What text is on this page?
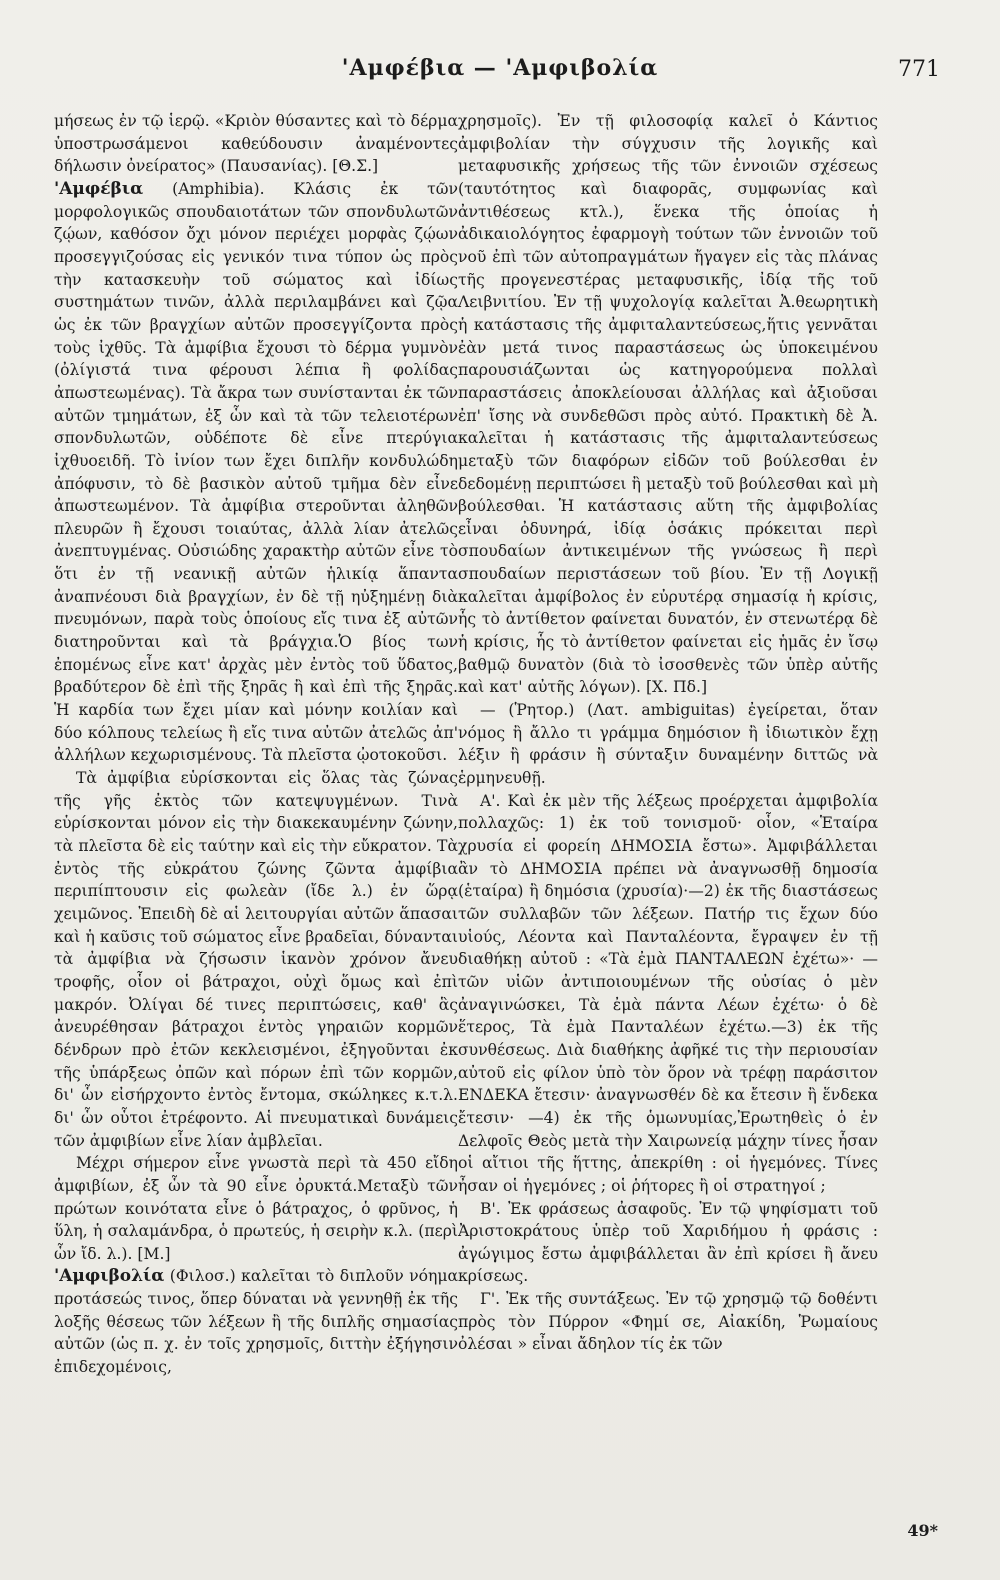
'Αμφέβια — 'Αμφιβολία	771

μήσεως ἐν τῷ ἱερῷ. «Κριὸν θύσαντες καὶ τὸ δέρμα ὑποστρωσάμενοι καθεύδουσιν ἀναμένοντες δήλωσιν ὀνείρατος» (Παυσανίας). [Θ.Σ.]

'Αμφέβια (Amphibia). Κλάσις ἐκ τῶν μορφολογικῶς σπουδαιοτάτων τῶν σπονδυλωτῶν ζῴων, καθόσον ὄχι μόνον περιέχει μορφὰς ζῴων προσεγγιζούσας εἰς γενικόν τινα τύπον ὡς πρὸς τὴν κατασκευὴν τοῦ σώματος καὶ ἰδίως συστημάτων τινῶν, ἀλλὰ περιλαμβάνει καὶ ζῷα ὡς ἐκ τῶν βραγχίων αὐτῶν προσεγγίζοντα πρὸς τοὺς ἰχθῦς. Τὰ ἀμφίβια ἔχουσι τὸ δέρμα γυμνὸν (ὀλίγιστά τινα φέρουσι λέπια ἢ φολίδας ἀπωστεωμένας). Τὰ ἄκρα των συνίστανται ἐκ τῶν αὐτῶν τμημάτων, ἐξ ὧν καὶ τὰ τῶν τελειοτέρων σπονδυλωτῶν, οὐδέποτε δὲ εἶνε πτερύγια ἰχθυοειδῆ. Τὸ ἰνίον των ἔχει διπλῆν κονδυλώδη ἀπόφυσιν, τὸ δὲ βασικὸν αὐτοῦ τμῆμα δὲν εἶνε ἀπωστεωμένον. Τὰ ἀμφίβια στεροῦνται ἀληθῶν πλευρῶν ἢ ἔχουσι τοιαύτας, ἀλλὰ λίαν ἀτελῶς ἀνεπτυγμένας. Οὐσιώδης χαρακτὴρ αὐτῶν εἶνε τὸ ὅτι ἐν τῇ νεανικῇ αὐτῶν ἡλικίᾳ ἅπαντα ἀναπνέουσι διὰ βραγχίων, ἐν δὲ τῇ ηὐξημένῃ διὰ πνευμόνων, παρὰ τοὺς ὁποίους εἴς τινα ἐξ αὐτῶν διατηροῦνται καὶ τὰ βράγχια.Ὁ βίος των ἐπομένως εἶνε κατ' ἀρχὰς μὲν ἐντὸς τοῦ ὕδατος, βραδύτερον δὲ ἐπὶ τῆς ξηρᾶς ἢ καὶ ἐπὶ τῆς ξηρᾶς. Ἡ καρδία των ἔχει μίαν καὶ μόνην κοιλίαν καὶ δύο κόλπους τελείως ἢ εἴς τινα αὐτῶν ἀτελῶς ἀπ' ἀλλήλων κεχωρισμένους. Τὰ πλεῖστα ᾠοτοκοῦσι.

Τὰ ἀμφίβια εὑρίσκονται εἰς ὅλας τὰς ζώνας τῆς γῆς ἐκτὸς τῶν κατεψυγμένων. Τινὰ εὑρίσκονται μόνον εἰς τὴν διακεκαυμένην ζώνην, τὰ πλεῖστα δὲ εἰς ταύτην καὶ εἰς τὴν εὔκρατον. Τὰ ἐντὸς τῆς εὐκράτου ζώνης ζῶντα ἀμφίβια περιπίπτουσιν εἰς φωλεὰν (ἴδε λ.) ἐν ὥρᾳ χειμῶνος. Ἐπειδὴ δὲ αἱ λειτουργίαι αὐτῶν ἅπασαι καὶ ἡ καῦσις τοῦ σώματος εἶνε βραδεῖαι, δύνανται τὰ ἀμφίβια νὰ ζήσωσιν ἱκανὸν χρόνον ἄνευ τροφῆς, οἷον οἱ βάτραχοι, οὐχὶ ὅμως καὶ ἐπὶ μακρόν. Ὀλίγαι δέ τινες περιπτώσεις, καθ' ἃς ἀνευρέθησαν βάτραχοι ἐντὸς γηραιῶν κορμῶν δένδρων πρὸ ἐτῶν κεκλεισμένοι, ἐξηγοῦνται ἐκ τῆς ὑπάρξεως ὀπῶν καὶ πόρων ἐπὶ τῶν κορμῶν, δι' ὧν εἰσήρχοντο ἐντὸς ἔντομα, σκώληκες κ.τ.λ. δι' ὧν οὗτοι ἐτρέφοντο. Αἱ πνευματικαὶ δυνάμεις τῶν ἀμφιβίων εἶνε λίαν ἀμβλεῖαι.

Μέχρι σήμερον εἶνε γνωστὰ περὶ τὰ 450 εἴδη ἀμφιβίων, ἐξ ὧν τὰ 90 εἶνε ὀρυκτά.Μεταξὺ τῶν πρώτων κοινότατα εἶνε ὁ βάτραχος, ὁ φρῦνος, ἡ ὕλη, ἡ σαλαμάνδρα, ὁ πρωτεύς, ἡ σειρὴν κ.λ. (περὶ ὧν ἴδ. λ.). [Μ.]

'Αμφιβολία (Φιλοσ.) καλεῖται τὸ διπλοῦν νόημα προτάσεώς τινος, ὅπερ δύναται νὰ γεννηθῇ ἐκ τῆς λοξῆς θέσεως τῶν λέξεων ἢ τῆς διπλῆς σημασίας αὐτῶν (ὡς π. χ. ἐν τοῖς χρησμοῖς, διττὴν ἐξήγησιν ἐπιδεχομένοις,

χρησμοῖς). Ἐν τῇ φιλοσοφίᾳ καλεῖ ὁ Κάντιος ἀμφιβολίαν τὴν σύγχυσιν τῆς λογικῆς καὶ μεταφυσικῆς χρήσεως τῆς τῶν ἐννοιῶν σχέσεως (ταυτότητος καὶ διαφορᾶς, συμφωνίας καὶ ἀντιθέσεως κτλ.), ἕνεκα τῆς ὁποίας ἡ ἀδικαιολόγητος ἐφαρμογὴ τούτων τῶν ἐννοιῶν τοῦ νοῦ ἐπὶ τῶν αὐτοπραγμάτων ἤγαγεν εἰς τὰς πλάνας τῆς προγενεστέρας μεταφυσικῆς, ἰδίᾳ τῆς τοῦ Λειβνιτίου. Ἐν τῇ ψυχολογίᾳ καλεῖται Ἀ.θεωρητικὴ ἡ κατάστασις τῆς ἀμφιταλαντεύσεως,ἥτις γεννᾶται ἐὰν μετά τινος παραστάσεως ὡς ὑποκειμένου παρουσιάζωνται ὡς κατηγορούμενα πολλαὶ παραστάσεις ἀποκλείουσαι ἀλλήλας καὶ ἀξιοῦσαι ἐπ' ἴσης νὰ συνδεθῶσι πρὸς αὐτό. Πρακτικὴ δὲ Ἀ. καλεῖται ἡ κατάστασις τῆς ἀμφιταλαντεύσεως μεταξὺ τῶν διαφόρων εἰδῶν τοῦ βούλεσθαι ἐν δεδομένῃ περιπτώσει ἢ μεταξὺ τοῦ βούλεσθαι καὶ μὴ βούλεσθαι. Ἡ κατάστασις αὕτη τῆς ἀμφιβολίας εἶναι ὀδυνηρά, ἰδίᾳ ὁσάκις πρόκειται περὶ σπουδαίων ἀντικειμένων τῆς γνώσεως ἢ περὶ σπουδαίων περιστάσεων τοῦ βίου. Ἐν τῇ Λογικῇ καλεῖται ἀμφίβολος ἐν εὐρυτέρᾳ σημασίᾳ ἡ κρίσις, ἧς τὸ ἀντίθετον φαίνεται δυνατόν, ἐν στενωτέρᾳ δὲ ἡ κρίσις, ἧς τὸ ἀντίθετον φαίνεται εἰς ἡμᾶς ἐν ἴσῳ βαθμῷ δυνατὸν (διὰ τὸ ἰσοσθενὲς τῶν ὑπὲρ αὐτῆς καὶ κατ' αὐτῆς λόγων). [Χ. Πδ.]

— (Ῥητορ.) (Λατ. ambiguitas) ἐγείρεται, ὅταν νόμος ἢ ἄλλο τι γράμμα δημόσιον ἢ ἰδιωτικὸν ἔχῃ λέξιν ἢ φράσιν ἢ σύνταξιν δυναμένην διττῶς νὰ ἑρμηνευθῇ.

Α'. Καὶ ἐκ μὲν τῆς λέξεως προέρχεται ἀμφιβολία πολλαχῶς: 1) ἐκ τοῦ τονισμοῦ· οἷον, «Ἑταίρα χρυσία εἰ φορείη ΔΗΜΟΣΙΑ ἔστω». Ἀμφιβάλλεται ἂν τὸ ΔΗΜΟΣΙΑ πρέπει νὰ ἀναγνωσθῇ δημοσία (ἑταίρα) ἢ δημόσια (χρυσία)·—2) ἐκ τῆς διαστάσεως τῶν συλλαβῶν τῶν λέξεων. Πατήρ τις ἔχων δύο υἱούς, Λέοντα καὶ Πανταλέοντα, ἔγραψεν ἐν τῇ διαθήκῃ αὐτοῦ : «Τὰ ἐμὰ ΠΑΝΤΑΛΕΩΝ ἐχέτω»· —τῶν υἱῶν ἀντιποιουμένων τῆς οὐσίας ὁ μὲν ἀναγινώσκει, Τὰ ἐμὰ πάντα Λέων ἐχέτω· ὁ δὲ ἕτερος, Τὰ ἐμὰ Πανταλέων ἐχέτω.—3) ἐκ τῆς συνθέσεως. Διὰ διαθήκης ἀφῆκέ τις τὴν περιουσίαν αὐτοῦ εἰς φίλον ὑπὸ τὸν ὅρον νὰ τρέφῃ παράσιτον ΕΝΔΕΚΑ ἔτεσιν· ἀναγνωσθέν δὲ κα ἔτεσιν ἢ ἕνδεκα ἔτεσιν· —4) ἐκ τῆς ὁμωνυμίας,Ἐρωτηθεὶς ὁ ἐν Δελφοῖς Θεὸς μετὰ τὴν Χαιρωνείᾳ μάχην τίνες ἦσαν οἱ αἴτιοι τῆς ἥττης, ἀπεκρίθη : οἱ ἡγεμόνες. Τίνες ἦσαν οἱ ἡγεμόνες ; οἱ ῥήτορες ἢ οἱ στρατηγοί ;

Β'. Ἐκ φράσεως ἀσαφοῦς. Ἐν τῷ ψηφίσματι τοῦ Ἀριστοκράτους ὑπὲρ τοῦ Χαριδήμου ἡ φράσις : ἀγώγιμος ἔστω ἀμφιβάλλεται ἂν ἐπὶ κρίσει ἢ ἄνευ κρίσεως.

Γ'. Ἐκ τῆς συντάξεως. Ἐν τῷ χρησμῷ τῷ δοθέντι πρὸς τὸν Πύρρον «Φημί σε, Αἰακίδη, Ῥωμαίους ὀλέσαι » εἶναι ἄδηλον τίς ἐκ τῶν

49*
